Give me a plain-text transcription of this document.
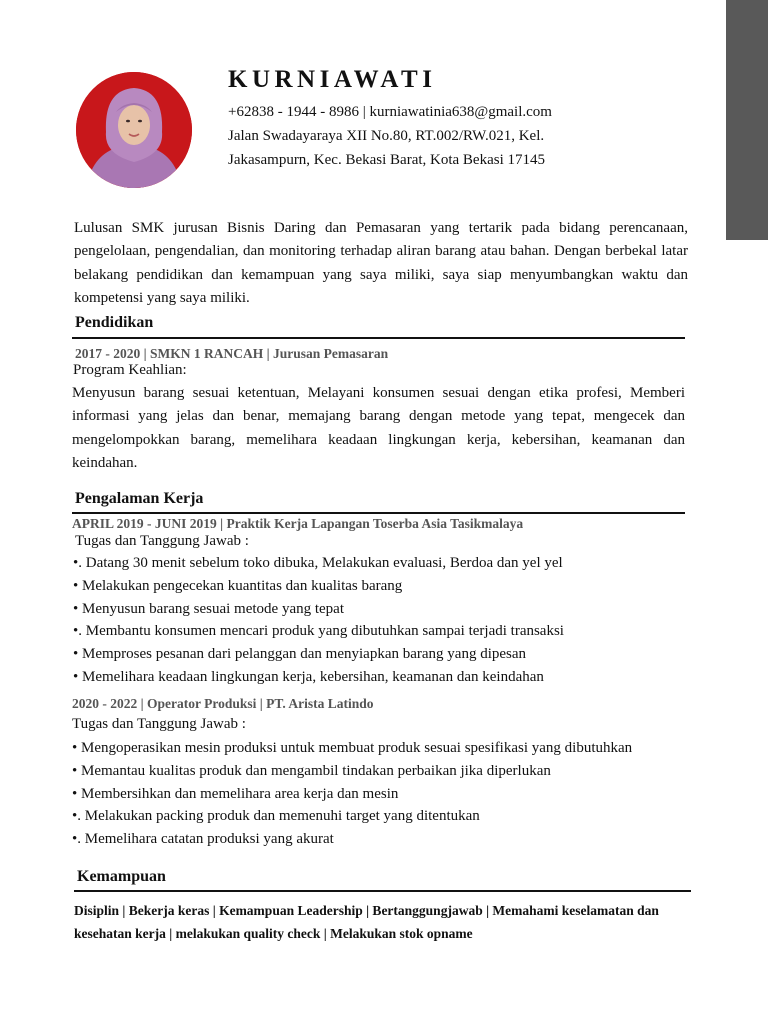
KURNIAWATI
+62838 - 1944 - 8986 | kurniawatinia638@gmail.com
Jalan Swadayaraya XII No.80, RT.002/RW.021, Kel.
Jakasampurn, Kec. Bekasi Barat, Kota Bekasi 17145

Lulusan SMK jurusan Bisnis Daring dan Pemasaran yang tertarik pada bidang perencanaan, pengelolaan, pengendalian, dan monitoring terhadap aliran barang atau bahan. Dengan berbekal latar belakang pendidikan dan kemampuan yang saya miliki, saya siap menyumbangkan waktu dan kompetensi yang saya miliki.

Pendidikan
2017 - 2020 | SMKN 1 RANCAH | Jurusan Pemasaran
Program Keahlian:

Menyusun barang sesuai ketentuan, Melayani konsumen sesuai dengan etika profesi, Memberi informasi yang jelas dan benar, memajang barang dengan metode yang tepat, mengecek dan mengelompokkan barang, memelihara keadaan lingkungan kerja, kebersihan, keamanan dan keindahan.

Pengalaman Kerja
APRIL 2019 - JUNI 2019 | Praktik Kerja Lapangan Toserba Asia Tasikmalaya
Tugas dan Tanggung Jawab :
•. Datang 30 menit sebelum toko dibuka, Melakukan evaluasi, Berdoa dan yel yel
• Melakukan pengecekan kuantitas dan kualitas barang
• Menyusun barang sesuai metode yang tepat
•. Membantu konsumen mencari produk yang dibutuhkan sampai terjadi transaksi
• Memproses pesanan dari pelanggan dan menyiapkan barang yang dipesan
• Memelihara keadaan lingkungan kerja, kebersihan, keamanan dan keindahan
2020 - 2022 | Operator Produksi | PT. Arista Latindo
Tugas dan Tanggung Jawab :
• Mengoperasikan mesin produksi untuk membuat produk sesuai spesifikasi yang dibutuhkan
• Memantau kualitas produk dan mengambil tindakan perbaikan jika diperlukan
• Membersihkan dan memelihara area kerja dan mesin
•. Melakukan packing produk dan memenuhi target yang ditentukan
•. Memelihara catatan produksi yang akurat
Kemampuan

Disiplin | Bekerja keras | Kemampuan Leadership | Bertanggungjawab | Memahami keselamatan dan kesehatan kerja | melakukan quality check | Melakukan stok opname
